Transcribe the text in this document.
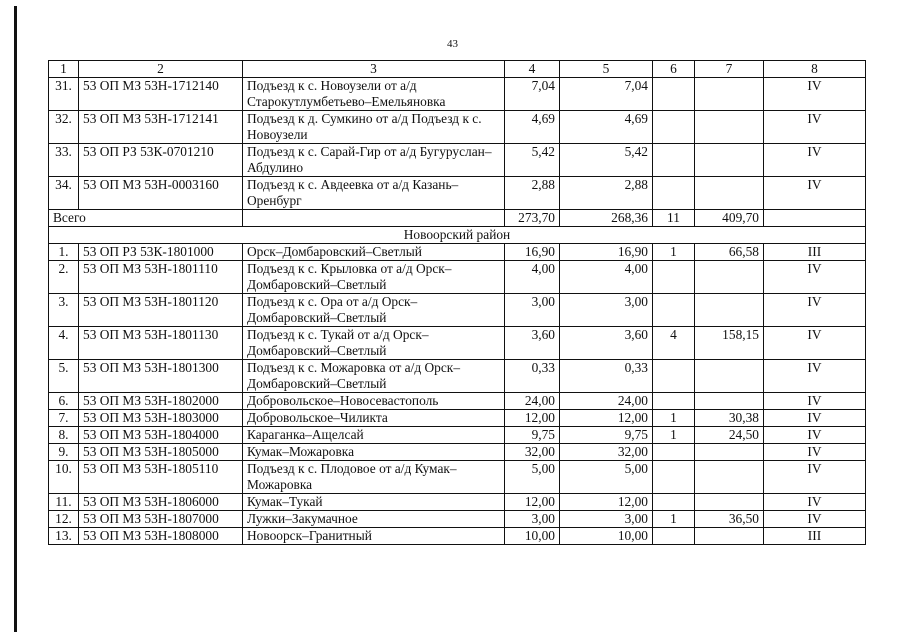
43
1	2	3	4	5	6	7	8
31.	53 ОП МЗ 53Н-1712140	Подъезд к с. Новоузели от а/д Старокутлумбетьево–Емельяновка	7,04	7,04			IV
32.	53 ОП МЗ 53Н-1712141	Подъезд к д. Сумкино от а/д Подъезд к с. Новоузели	4,69	4,69			IV
33.	53 ОП РЗ 53К-0701210	Подъезд к с. Сарай-Гир от а/д Бугуруслан–Абдулино	5,42	5,42			IV
34.	53 ОП МЗ 53Н-0003160	Подъезд к с. Авдеевка от а/д Казань–Оренбург	2,88	2,88			IV
Всего			273,70	268,36	11	409,70	
Новоорский район							
1.	53 ОП РЗ 53К-1801000	Орск–Домбаровский–Светлый	16,90	16,90	1	66,58	III
2.	53 ОП МЗ 53Н-1801110	Подъезд к с. Крыловка от а/д Орск–Домбаровский–Светлый	4,00	4,00			IV
3.	53 ОП МЗ 53Н-1801120	Подъезд к с. Ора от а/д Орск–Домбаровский–Светлый	3,00	3,00			IV
4.	53 ОП МЗ 53Н-1801130	Подъезд к с. Тукай от а/д Орск–Домбаровский–Светлый	3,60	3,60	4	158,15	IV
5.	53 ОП МЗ 53Н-1801300	Подъезд к с. Можаровка от а/д Орск–Домбаровский–Светлый	0,33	0,33			IV
6.	53 ОП МЗ 53Н-1802000	Добровольское–Новосевастополь	24,00	24,00			IV
7.	53 ОП МЗ 53Н-1803000	Добровольское–Чиликта	12,00	12,00	1	30,38	IV
8.	53 ОП МЗ 53Н-1804000	Караганка–Ащелсай	9,75	9,75	1	24,50	IV
9.	53 ОП МЗ 53Н-1805000	Кумак–Можаровка	32,00	32,00			IV
10.	53 ОП МЗ 53Н-1805110	Подъезд к с. Плодовое от а/д Кумак–Можаровка	5,00	5,00			IV
11.	53 ОП МЗ 53Н-1806000	Кумак–Тукай	12,00	12,00			IV
12.	53 ОП МЗ 53Н-1807000	Лужки–Закумачное	3,00	3,00	1	36,50	IV
13.	53 ОП МЗ 53Н-1808000	Новоорск–Гранитный	10,00	10,00			III
